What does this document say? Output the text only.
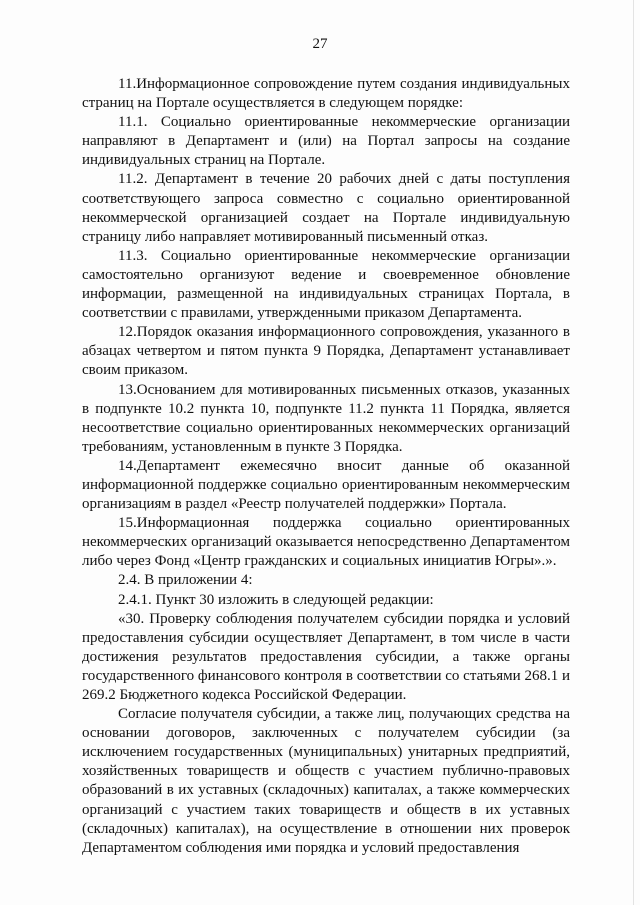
27

11.Информационное сопровождение путем создания индивидуальных страниц на Портале осуществляется в следующем порядке:

11.1. Социально ориентированные некоммерческие организации направляют в Департамент и (или) на Портал запросы на создание индивидуальных страниц на Портале.

11.2. Департамент в течение 20 рабочих дней с даты поступления соответствующего запроса совместно с социально ориентированной некоммерческой организацией создает на Портале индивидуальную страницу либо направляет мотивированный письменный отказ.

11.3. Социально ориентированные некоммерческие организации самостоятельно организуют ведение и своевременное обновление информации, размещенной на индивидуальных страницах Портала, в соответствии с правилами, утвержденными приказом Департамента.

12.Порядок оказания информационного сопровождения, указанного в абзацах четвертом и пятом пункта 9 Порядка, Департамент устанавливает своим приказом.

13.Основанием для мотивированных письменных отказов, указанных в подпункте 10.2 пункта 10, подпункте 11.2 пункта 11 Порядка, является несоответствие социально ориентированных некоммерческих организаций требованиям, установленным в пункте 3 Порядка.

14.Департамент ежемесячно вносит данные об оказанной информационной поддержке социально ориентированным некоммерческим организациям в раздел «Реестр получателей поддержки» Портала.

15.Информационная поддержка социально ориентированных некоммерческих организаций оказывается непосредственно Департаментом либо через Фонд «Центр гражданских и социальных инициатив Югры».».

2.4. В приложении 4:

2.4.1. Пункт 30 изложить в следующей редакции:

«30. Проверку соблюдения получателем субсидии порядка и условий предоставления субсидии осуществляет Департамент, в том числе в части достижения результатов предоставления субсидии, а также органы государственного финансового контроля в соответствии со статьями 268.1 и 269.2 Бюджетного кодекса Российской Федерации.

Согласие получателя субсидии, а также лиц, получающих средства на основании договоров, заключенных с получателем субсидии (за исключением государственных (муниципальных) унитарных предприятий, хозяйственных товариществ и обществ с участием публично-правовых образований в их уставных (складочных) капиталах, а также коммерческих организаций с участием таких товариществ и обществ в их уставных (складочных) капиталах), на осуществление в отношении них проверок Департаментом соблюдения ими порядка и условий предоставления
